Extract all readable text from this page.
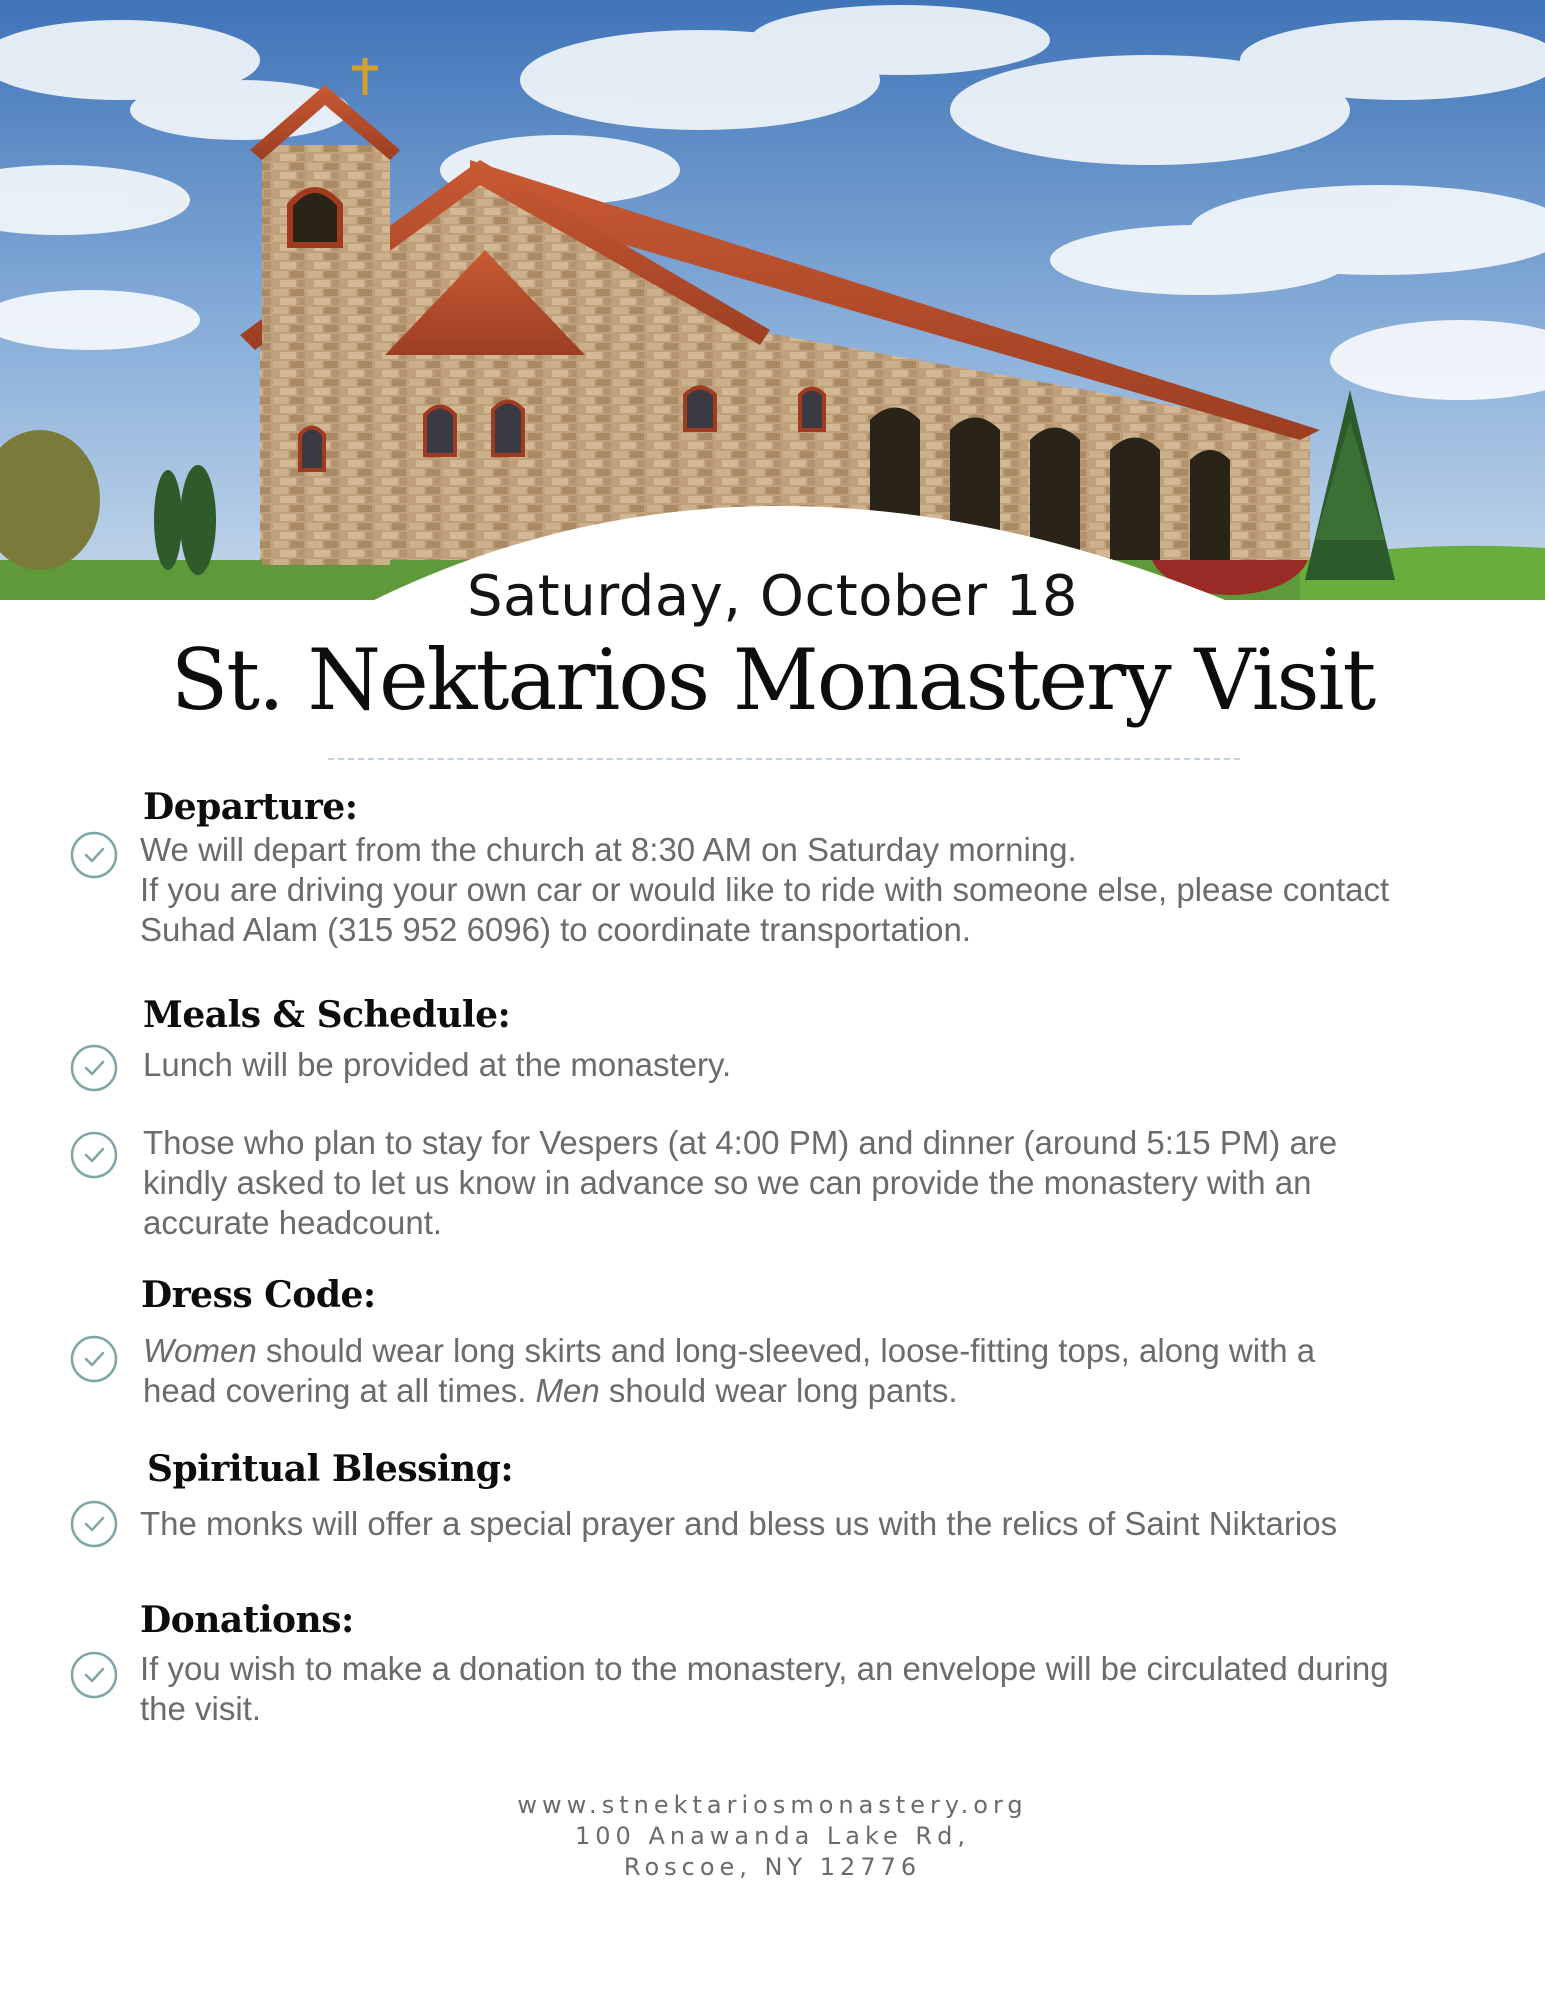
Saturday, October 18
St. Nektarios Monastery Visit
Departure:
We will depart from the church at 8:30 AM on Saturday morning.
If you are driving your own car or would like to ride with someone else, please contact
Suhad Alam (315 952 6096) to coordinate transportation.
Meals & Schedule:
Lunch will be provided at the monastery.
Those who plan to stay for Vespers (at 4:00 PM) and dinner (around 5:15 PM) are
kindly asked to let us know in advance so we can provide the monastery with an
accurate headcount.
Dress Code:
Women should wear long skirts and long-sleeved, loose-fitting tops, along with a
head covering at all times. Men should wear long pants.
Spiritual Blessing:
The monks will offer a special prayer and bless us with the relics of Saint Niktarios
Donations:
If you wish to make a donation to the monastery, an envelope will be circulated during
the visit.
www.stnektariosmonastery.org
100 Anawanda Lake Rd,
Roscoe, NY 12776
